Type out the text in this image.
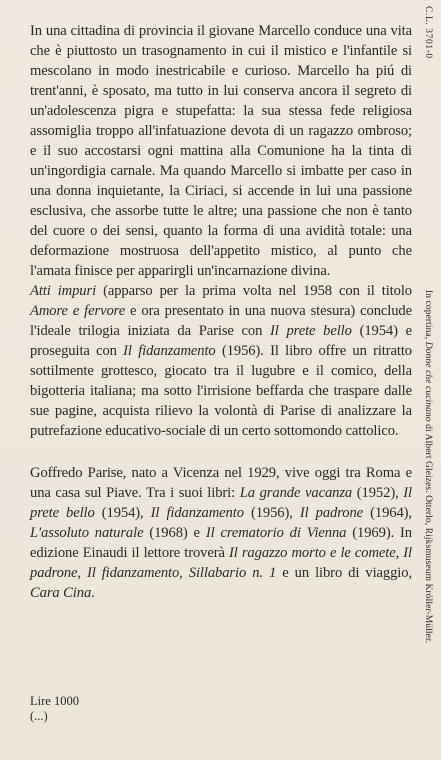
In una cittadina di provincia il giovane Marcello conduce una vita che è piuttosto un trasognamento in cui il mistico e l'infantile si mescolano in modo inestricabile e curioso. Marcello ha piú di trent'anni, è sposato, ma tutto in lui conserva ancora il segreto di un'adolescenza pigra e stupefatta: la sua stessa fede religiosa assomiglia troppo all'infatuazione devota di un ragazzo ombroso; e il suo accostarsi ogni mattina alla Comunione ha la tinta di un'ingordigia carnale. Ma quando Marcello si imbatte per caso in una donna inquietante, la Ciriaci, si accende in lui una passione esclusiva, che assorbe tutte le altre; una passione che non è tanto del cuore o dei sensi, quanto la forma di una avidità totale: una deformazione mostruosa dell'appetito mistico, al punto che l'amata finisce per apparirgli un'incarnazione divina.

Atti impuri (apparso per la prima volta nel 1958 con il titolo Amore e fervore e ora presentato in una nuova stesura) conclude l'ideale trilogia iniziata da Parise con Il prete bello (1954) e proseguita con Il fidanzamento (1956). Il libro offre un ritratto sottilmente grottesco, giocato tra il lugubre e il comico, della bigotteria italiana; ma sotto l'irrisione beffarda che traspare dalle sue pagine, acquista rilievo la volontà di Parise di analizzare la putrefazione educativo-sociale di un certo sottomondo cattolico.

Goffredo Parise, nato a Vicenza nel 1929, vive oggi tra Roma e una casa sul Piave. Tra i suoi libri: La grande vacanza (1952), Il prete bello (1954), Il fidanzamento (1956), Il padrone (1964), L'assoluto naturale (1968) e Il crematorio di Vienna (1969). In edizione Einaudi il lettore troverà Il ragazzo morto e le comete, Il padrone, Il fidanzamento, Sillabario n. 1 e un libro di viaggio, Cara Cina.

Lire 1000
(...)
C.L. 3701-0
In copertina, Donne che cucinano di Albert Gleizes. Otterlo, Rijksmuseum Kröller-Müller.
